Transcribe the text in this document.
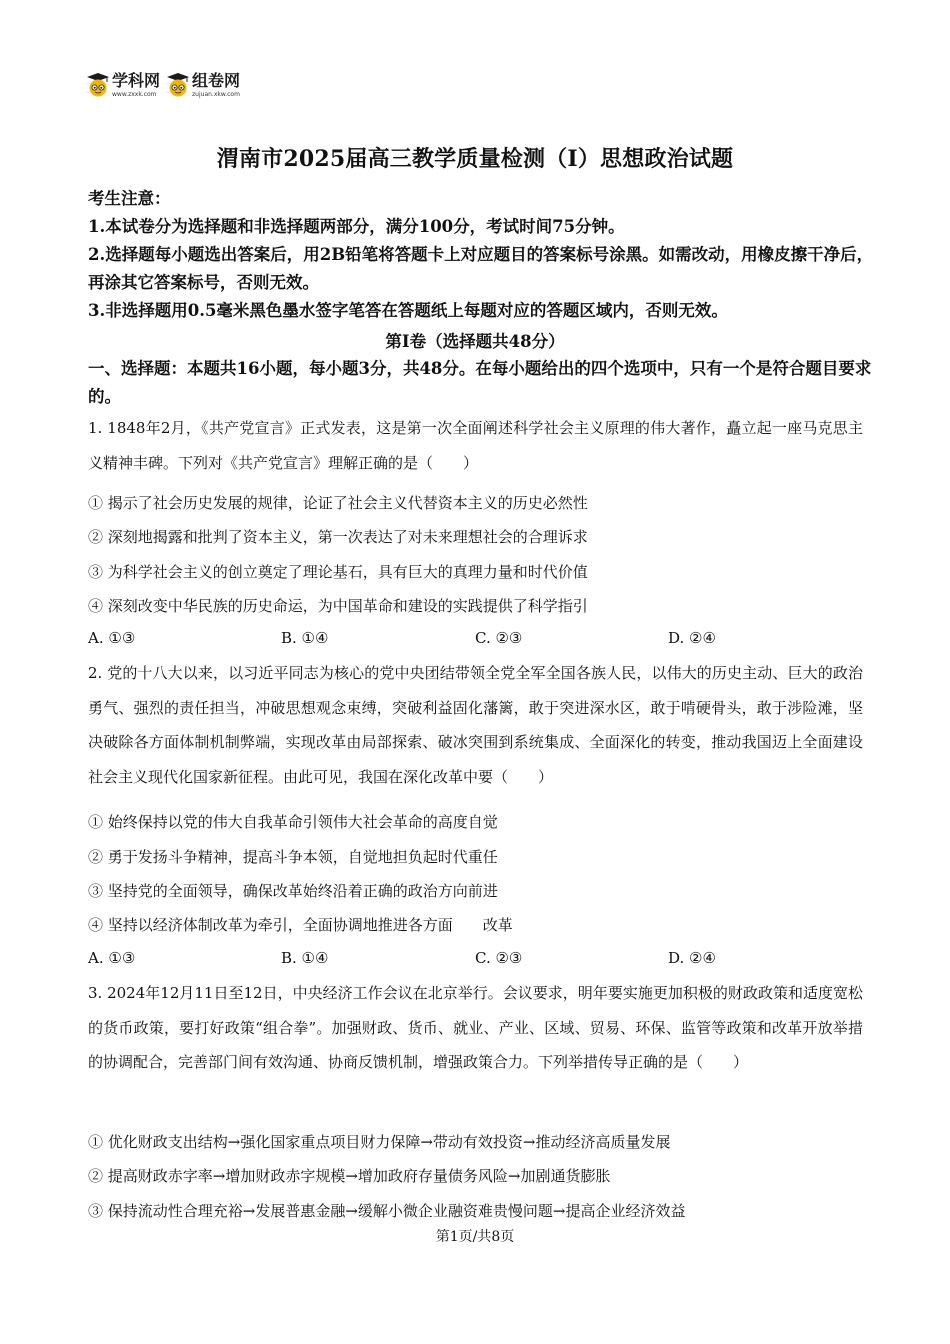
学科网
www.zxxk.com
组卷网
zujuan.xkw.com
渭南市2025届高三教学质量检测（I）思想政治试题
考生注意：
1.本试卷分为选择题和非选择题两部分，满分100分，考试时间75分钟。
2.选择题每小题选出答案后，用2B铅笔将答题卡上对应题目的答案标号涂黑。如需改动，用橡皮擦干净后，再涂其它答案标号，否则无效。
3.非选择题用0.5毫米黑色墨水签字笔答在答题纸上每题对应的答题区域内，否则无效。
第I卷（选择题共48分）
一、选择题：本题共16小题，每小题3分，共48分。在每小题给出的四个选项中，只有一个是符合题目要求的。
1. 1848年2月，《共产党宣言》正式发表，这是第一次全面阐述科学社会主义原理的伟大著作，矗立起一座马克思主义精神丰碑。下列对《共产党宣言》理解正确的是（　　）
① 揭示了社会历史发展的规律，论证了社会主义代替资本主义的历史必然性
② 深刻地揭露和批判了资本主义，第一次表达了对未来理想社会的合理诉求
③ 为科学社会主义的创立奠定了理论基石，具有巨大的真理力量和时代价值
④ 深刻改变中华民族的历史命运，为中国革命和建设的实践提供了科学指引
A. ①③	B. ①④	C. ②③	D. ②④
2. 党的十八大以来，以习近平同志为核心的党中央团结带领全党全军全国各族人民，以伟大的历史主动、巨大的政治勇气、强烈的责任担当，冲破思想观念束缚，突破利益固化藩篱，敢于突进深水区，敢于啃硬骨头，敢于涉险滩，坚决破除各方面体制机制弊端，实现改革由局部探索、破冰突围到系统集成、全面深化的转变，推动我国迈上全面建设社会主义现代化国家新征程。由此可见，我国在深化改革中要（　　）
① 始终保持以党的伟大自我革命引领伟大社会革命的高度自觉
② 勇于发扬斗争精神，提高斗争本领，自觉地担负起时代重任
③ 坚持党的全面领导，确保改革始终沿着正确的政治方向前进
④ 坚持以经济体制改革为牵引，全面协调地推进各方面　　改革
A. ①③	B. ①④	C. ②③	D. ②④
3. 2024年12月11日至12日，中央经济工作会议在北京举行。会议要求，明年要实施更加积极的财政政策和适度宽松的货币政策，要打好政策“组合拳”。加强财政、货币、就业、产业、区域、贸易、环保、监管等政策和改革开放举措的协调配合，完善部门间有效沟通、协商反馈机制，增强政策合力。下列举措传导正确的是（　　）
① 优化财政支出结构→强化国家重点项目财力保障→带动有效投资→推动经济高质量发展
② 提高财政赤字率→增加财政赤字规模→增加政府存量债务风险→加剧通货膨胀
③ 保持流动性合理充裕→发展普惠金融→缓解小微企业融资难贵慢问题→提高企业经济效益
第1页/共8页
